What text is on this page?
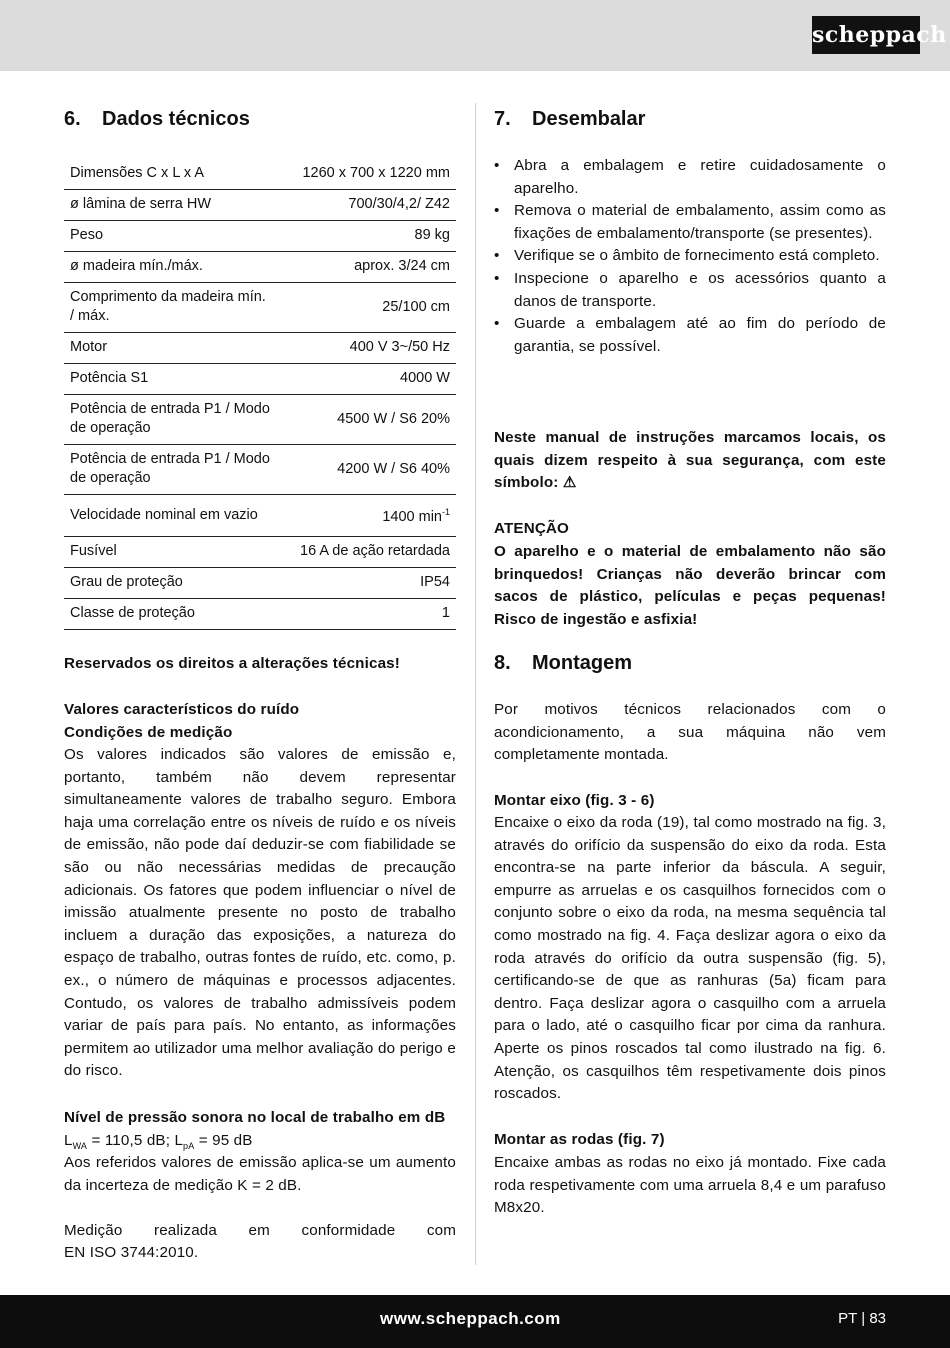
scheppach
6. Dados técnicos
Dimensões C x L x A	1260 x 700 x 1220 mm
ø lâmina de serra HW	700/30/4,2/ Z42
Peso	89 kg
ø madeira mín./máx.	aprox. 3/24 cm
Comprimento da madeira mín. / máx.	25/100 cm
Motor	400 V 3~/50 Hz
Potência S1	4000 W
Potência de entrada P1 / Modo de operação	4500 W / S6 20%
Potência de entrada P1 / Modo de operação	4200 W / S6 40%
Velocidade nominal em vazio	1400 $\min^{-1}$
Fusível	16 A de ação retardada
Grau de proteção	IP54
Classe de proteção	1
Reservados os direitos a alterações técnicas!
Valores característicos do ruído
Condições de medição
Os valores indicados são valores de emissão e, portanto, também não devem representar simultaneamente valores de trabalho seguro. Embora haja uma correlação entre os níveis de ruído e os níveis de emissão, não pode daí deduzir-se com fiabilidade se são ou não necessárias medidas de precaução adicionais. Os fatores que podem influenciar o nível de imissão atualmente presente no posto de trabalho incluem a duração das exposições, a natureza do espaço de trabalho, outras fontes de ruído, etc. como, p. ex., o número de máquinas e processos adjacentes. Contudo, os valores de trabalho admissíveis podem variar de país para país. No entanto, as informações permitem ao utilizador uma melhor avaliação do perigo e do risco.
Nível de pressão sonora no local de trabalho em dB
$L_{WA} = 110,5$ dB; $L_{pA} = 95$ dB
Aos referidos valores de emissão aplica-se um aumento da incerteza de medição K = 2 dB.
Medição realizada em conformidade com
EN ISO 3744:2010.
7. Desembalar
• Abra a embalagem e retire cuidadosamente o aparelho.
• Remova o material de embalamento, assim como as fixações de embalamento/transporte (se presentes).
• Verifique se o âmbito de fornecimento está completo.
• Inspecione o aparelho e os acessórios quanto a danos de transporte.
• Guarde a embalagem até ao fim do período de garantia, se possível.
Neste manual de instruções marcamos locais, os quais dizem respeito à sua segurança, com este símbolo: ⚠
ATENÇÃO
O aparelho e o material de embalamento não são brinquedos! Crianças não deverão brincar com sacos de plástico, películas e peças pequenas! Risco de ingestão e asfixia!
8. Montagem
Por motivos técnicos relacionados com o acondicionamento, a sua máquina não vem completamente montada.
Montar eixo (fig. 3 - 6)
Encaixe o eixo da roda (19), tal como mostrado na fig. 3, através do orifício da suspensão do eixo da roda. Esta encontra-se na parte inferior da báscula. A seguir, empurre as arruelas e os casquilhos fornecidos com o conjunto sobre o eixo da roda, na mesma sequência tal como mostrado na fig. 4. Faça deslizar agora o eixo da roda através do orifício da outra suspensão (fig. 5), certificando-se de que as ranhuras (5a) ficam para dentro. Faça deslizar agora o casquilho com a arruela para o lado, até o casquilho ficar por cima da ranhura. Aperte os pinos roscados tal como ilustrado na fig. 6. Atenção, os casquilhos têm respetivamente dois pinos roscados.
Montar as rodas (fig. 7)
Encaixe ambas as rodas no eixo já montado. Fixe cada roda respetivamente com uma arruela 8,4 e um parafuso M8x20.
www.scheppach.com	PT | 83
